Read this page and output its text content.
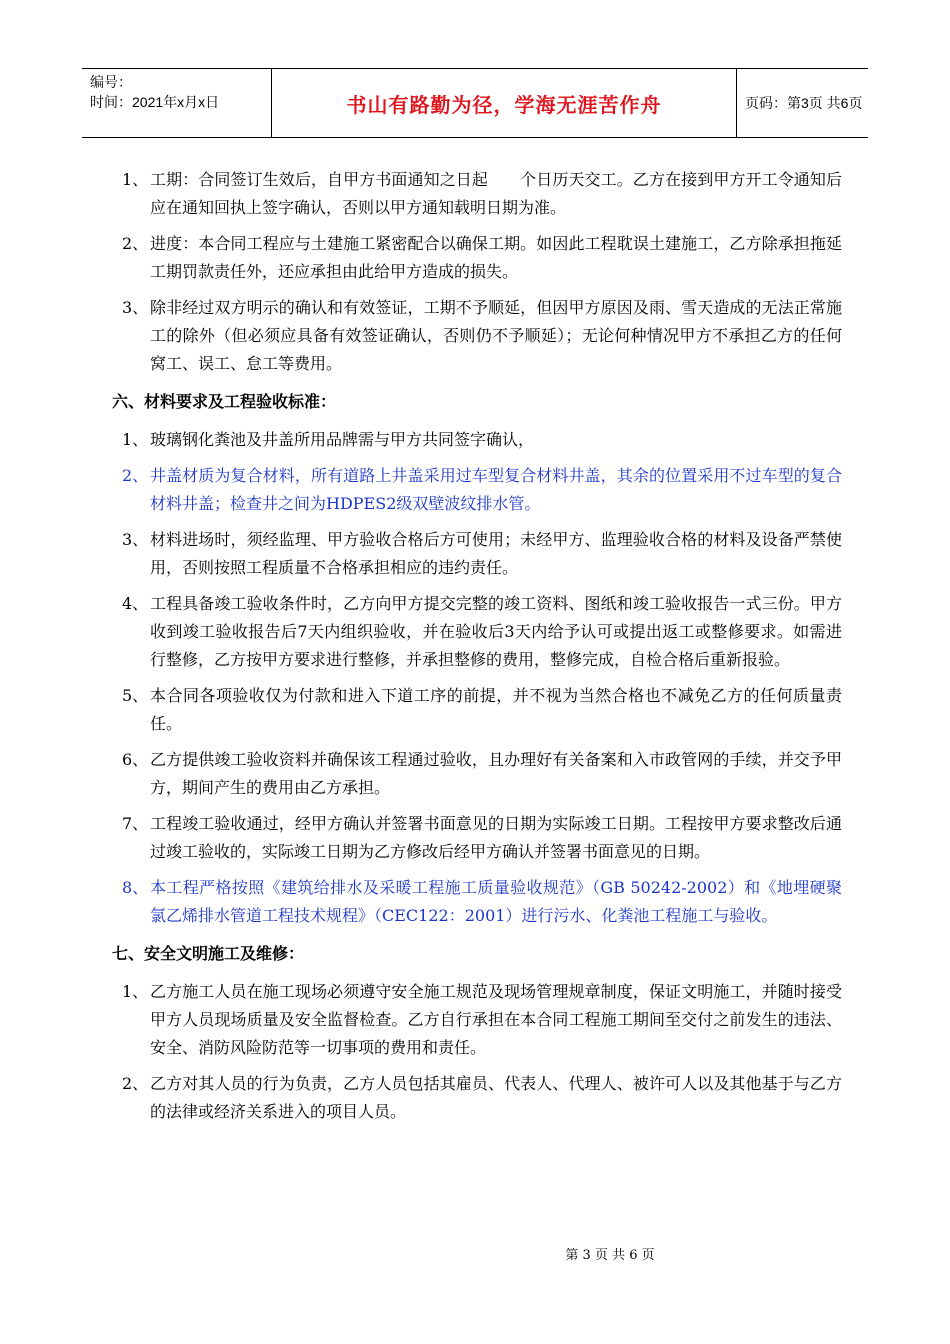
编号：
时间：2021年x月x日	书山有路勤为径，学海无涯苦作舟	页码：第3页 共6页
1、 工期：合同签订生效后，自甲方书面通知之日起　　个日历天交工。乙方在接到甲方开工令通知后应在通知回执上签字确认，否则以甲方通知载明日期为准。
2、 进度：本合同工程应与土建施工紧密配合以确保工期。如因此工程耽误土建施工，乙方除承担拖延工期罚款责任外，还应承担由此给甲方造成的损失。
3、 除非经过双方明示的确认和有效签证，工期不予顺延，但因甲方原因及雨、雪天造成的无法正常施工的除外（但必须应具备有效签证确认，否则仍不予顺延）；无论何种情况甲方不承担乙方的任何窝工、误工、怠工等费用。
六、材料要求及工程验收标准：
1、 玻璃钢化粪池及井盖所用品牌需与甲方共同签字确认，
2、 井盖材质为复合材料，所有道路上井盖采用过车型复合材料井盖，其余的位置采用不过车型的复合材料井盖；检查井之间为HDPES2级双壁波纹排水管。
3、 材料进场时，须经监理、甲方验收合格后方可使用；未经甲方、监理验收合格的材料及设备严禁使用，否则按照工程质量不合格承担相应的违约责任。
4、 工程具备竣工验收条件时，乙方向甲方提交完整的竣工资料、图纸和竣工验收报告一式三份。甲方收到竣工验收报告后7天内组织验收，并在验收后3天内给予认可或提出返工或整修要求。如需进行整修，乙方按甲方要求进行整修，并承担整修的费用，整修完成，自检合格后重新报验。
5、 本合同各项验收仅为付款和进入下道工序的前提，并不视为当然合格也不减免乙方的任何质量责任。
6、 乙方提供竣工验收资料并确保该工程通过验收，且办理好有关备案和入市政管网的手续，并交予甲方，期间产生的费用由乙方承担。
7、 工程竣工验收通过，经甲方确认并签署书面意见的日期为实际竣工日期。工程按甲方要求整改后通过竣工验收的，实际竣工日期为乙方修改后经甲方确认并签署书面意见的日期。
8、 本工程严格按照《建筑给排水及采暖工程施工质量验收规范》（GB 50242-2002）和《地埋硬聚氯乙烯排水管道工程技术规程》（CEC122：2001）进行污水、化粪池工程施工与验收。
七、安全文明施工及维修：
1、 乙方施工人员在施工现场必须遵守安全施工规范及现场管理规章制度，保证文明施工，并随时接受甲方人员现场质量及安全监督检查。乙方自行承担在本合同工程施工期间至交付之前发生的违法、安全、消防风险防范等一切事项的费用和责任。
2、 乙方对其人员的行为负责，乙方人员包括其雇员、代表人、代理人、被许可人以及其他基于与乙方的法律或经济关系进入的项目人员。
第 3 页 共 6 页
